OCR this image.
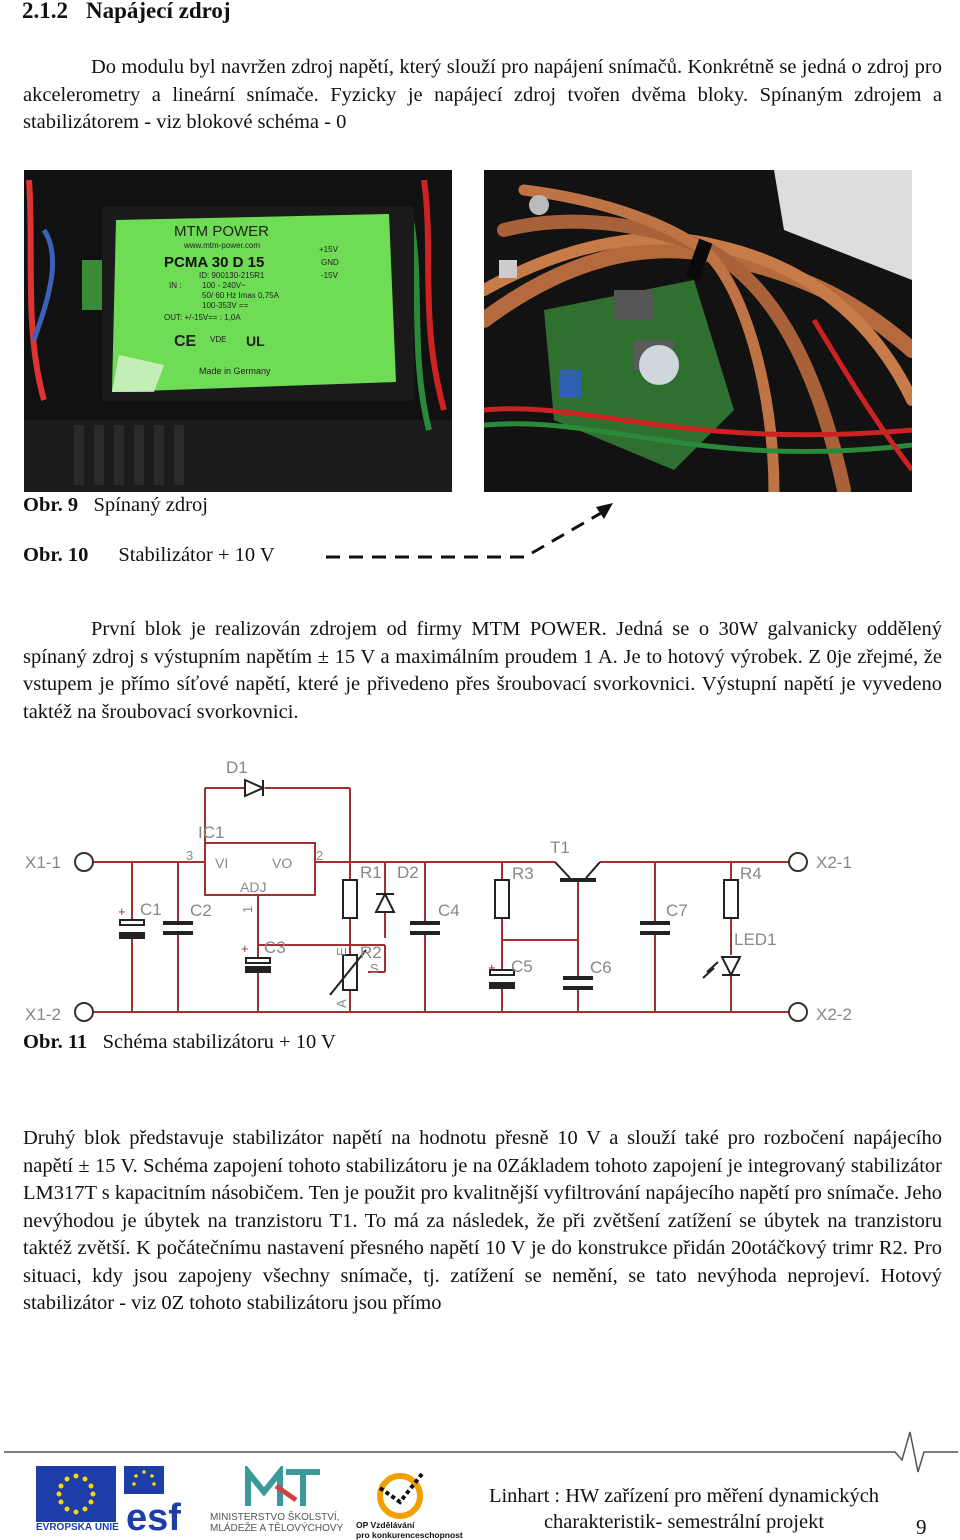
2.1.2 Napájecí zdroj
Do modulu byl navržen zdroj napětí, který slouží pro napájení snímačů. Konkrétně se jedná o zdroj pro akcelerometry a lineární snímače. Fyzicky je napájecí zdroj tvořen dvěma bloky. Spínaným zdrojem a stabilizátorem - viz blokové schéma - 0
MTM POWER
www.mtm-power.com
PCMA 30 D 15
ID: 900130-215R1
IN :	100 - 240V~
50/ 60 Hz Imax 0,75A
100-353V ==
OUT: +/-15V== : 1,0A
+15V
GND
-15V
CE VDE UL
Made in Germany
Obr. 9 Spínaný zdroj
Obr. 10 Stabilizátor + 10 V
První blok je realizován zdrojem od firmy MTM POWER. Jedná se o 30W galvanicky oddělený spínaný zdroj s výstupním napětím ± 15 V a maximálním proudem 1 A. Je to hotový výrobek. Z 0je zřejmé, že vstupem je přímo síťové napětí, které je přivedeno přes šroubovací svorkovnici. Výstupní napětí je vyvedeno taktéž na šroubovací svorkovnici.
X1-1
X1-2
X2-1
X2-2
D1
IC1
VI	VO
ADJ
3	2
1
C1 C2
C3
R1 D2
R2
E
S
A
C4
R3
T1
C5	C6
C7
R4
LED1
+
+
+
Obr. 11 Schéma stabilizátoru + 10 V
Druhý blok představuje stabilizátor napětí na hodnotu přesně 10 V a slouží také pro rozbočení napájecího napětí ± 15 V. Schéma zapojení tohoto stabilizátoru je na 0Základem tohoto zapojení je integrovaný stabilizátor LM317T s kapacitním násobičem. Ten je použit pro kvalitnější vyfiltrování napájecího napětí pro snímače. Jeho nevýhodou je úbytek na tranzistoru T1. To má za následek, že při zvětšení zatížení se úbytek na tranzistoru taktéž zvětší. K počátečnímu nastavení přesného napětí 10 V je do konstrukce přidán 20otáčkový trimr R2. Pro situaci, kdy jsou zapojeny všechny snímače, tj. zatížení se nemění, se tato nevýhoda neprojeví. Hotový stabilizátor - viz 0Z tohoto stabilizátoru jsou přímo
EVROPSKÁ UNIE esf	MINISTERSTVO ŠKOLSTVÍ,
MLÁDEŽE A TĚLOVÝCHOVY OP Vzdělávání
pro konkurenceschopnost
Linhart : HW zařízení pro měření dynamických
charakteristik- semestrální projekt	9
